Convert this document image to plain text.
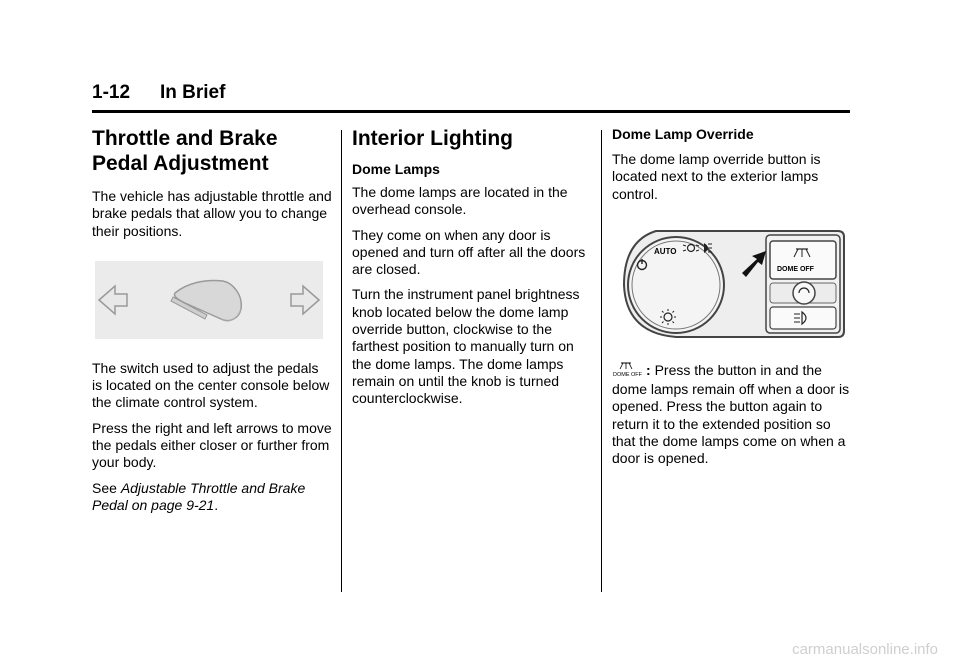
1-12 In Brief
Throttle and Brake Pedal Adjustment

The vehicle has adjustable throttle and brake pedals that allow you to change their positions.

The switch used to adjust the pedals is located on the center console below the climate control system.

Press the right and left arrows to move the pedals either closer or further from your body.

See Adjustable Throttle and Brake Pedal on page 9-21.

Interior Lighting
Dome Lamps

The dome lamps are located in the overhead console.

They come on when any door is opened and turn off after all the doors are closed.

Turn the instrument panel brightness knob located below the dome lamp override button, clockwise to the farthest position to manually turn on the dome lamps. The dome lamps remain on until the knob is turned counterclockwise.

Dome Lamp Override

The dome lamp override button is located next to the exterior lamps control.

AUTO
DOME OFF

DOME OFF : Press the button in and the dome lamps remain off when a door is opened. Press the button again to return it to the extended position so that the dome lamps come on when a door is opened.

carmanualsonline.info
